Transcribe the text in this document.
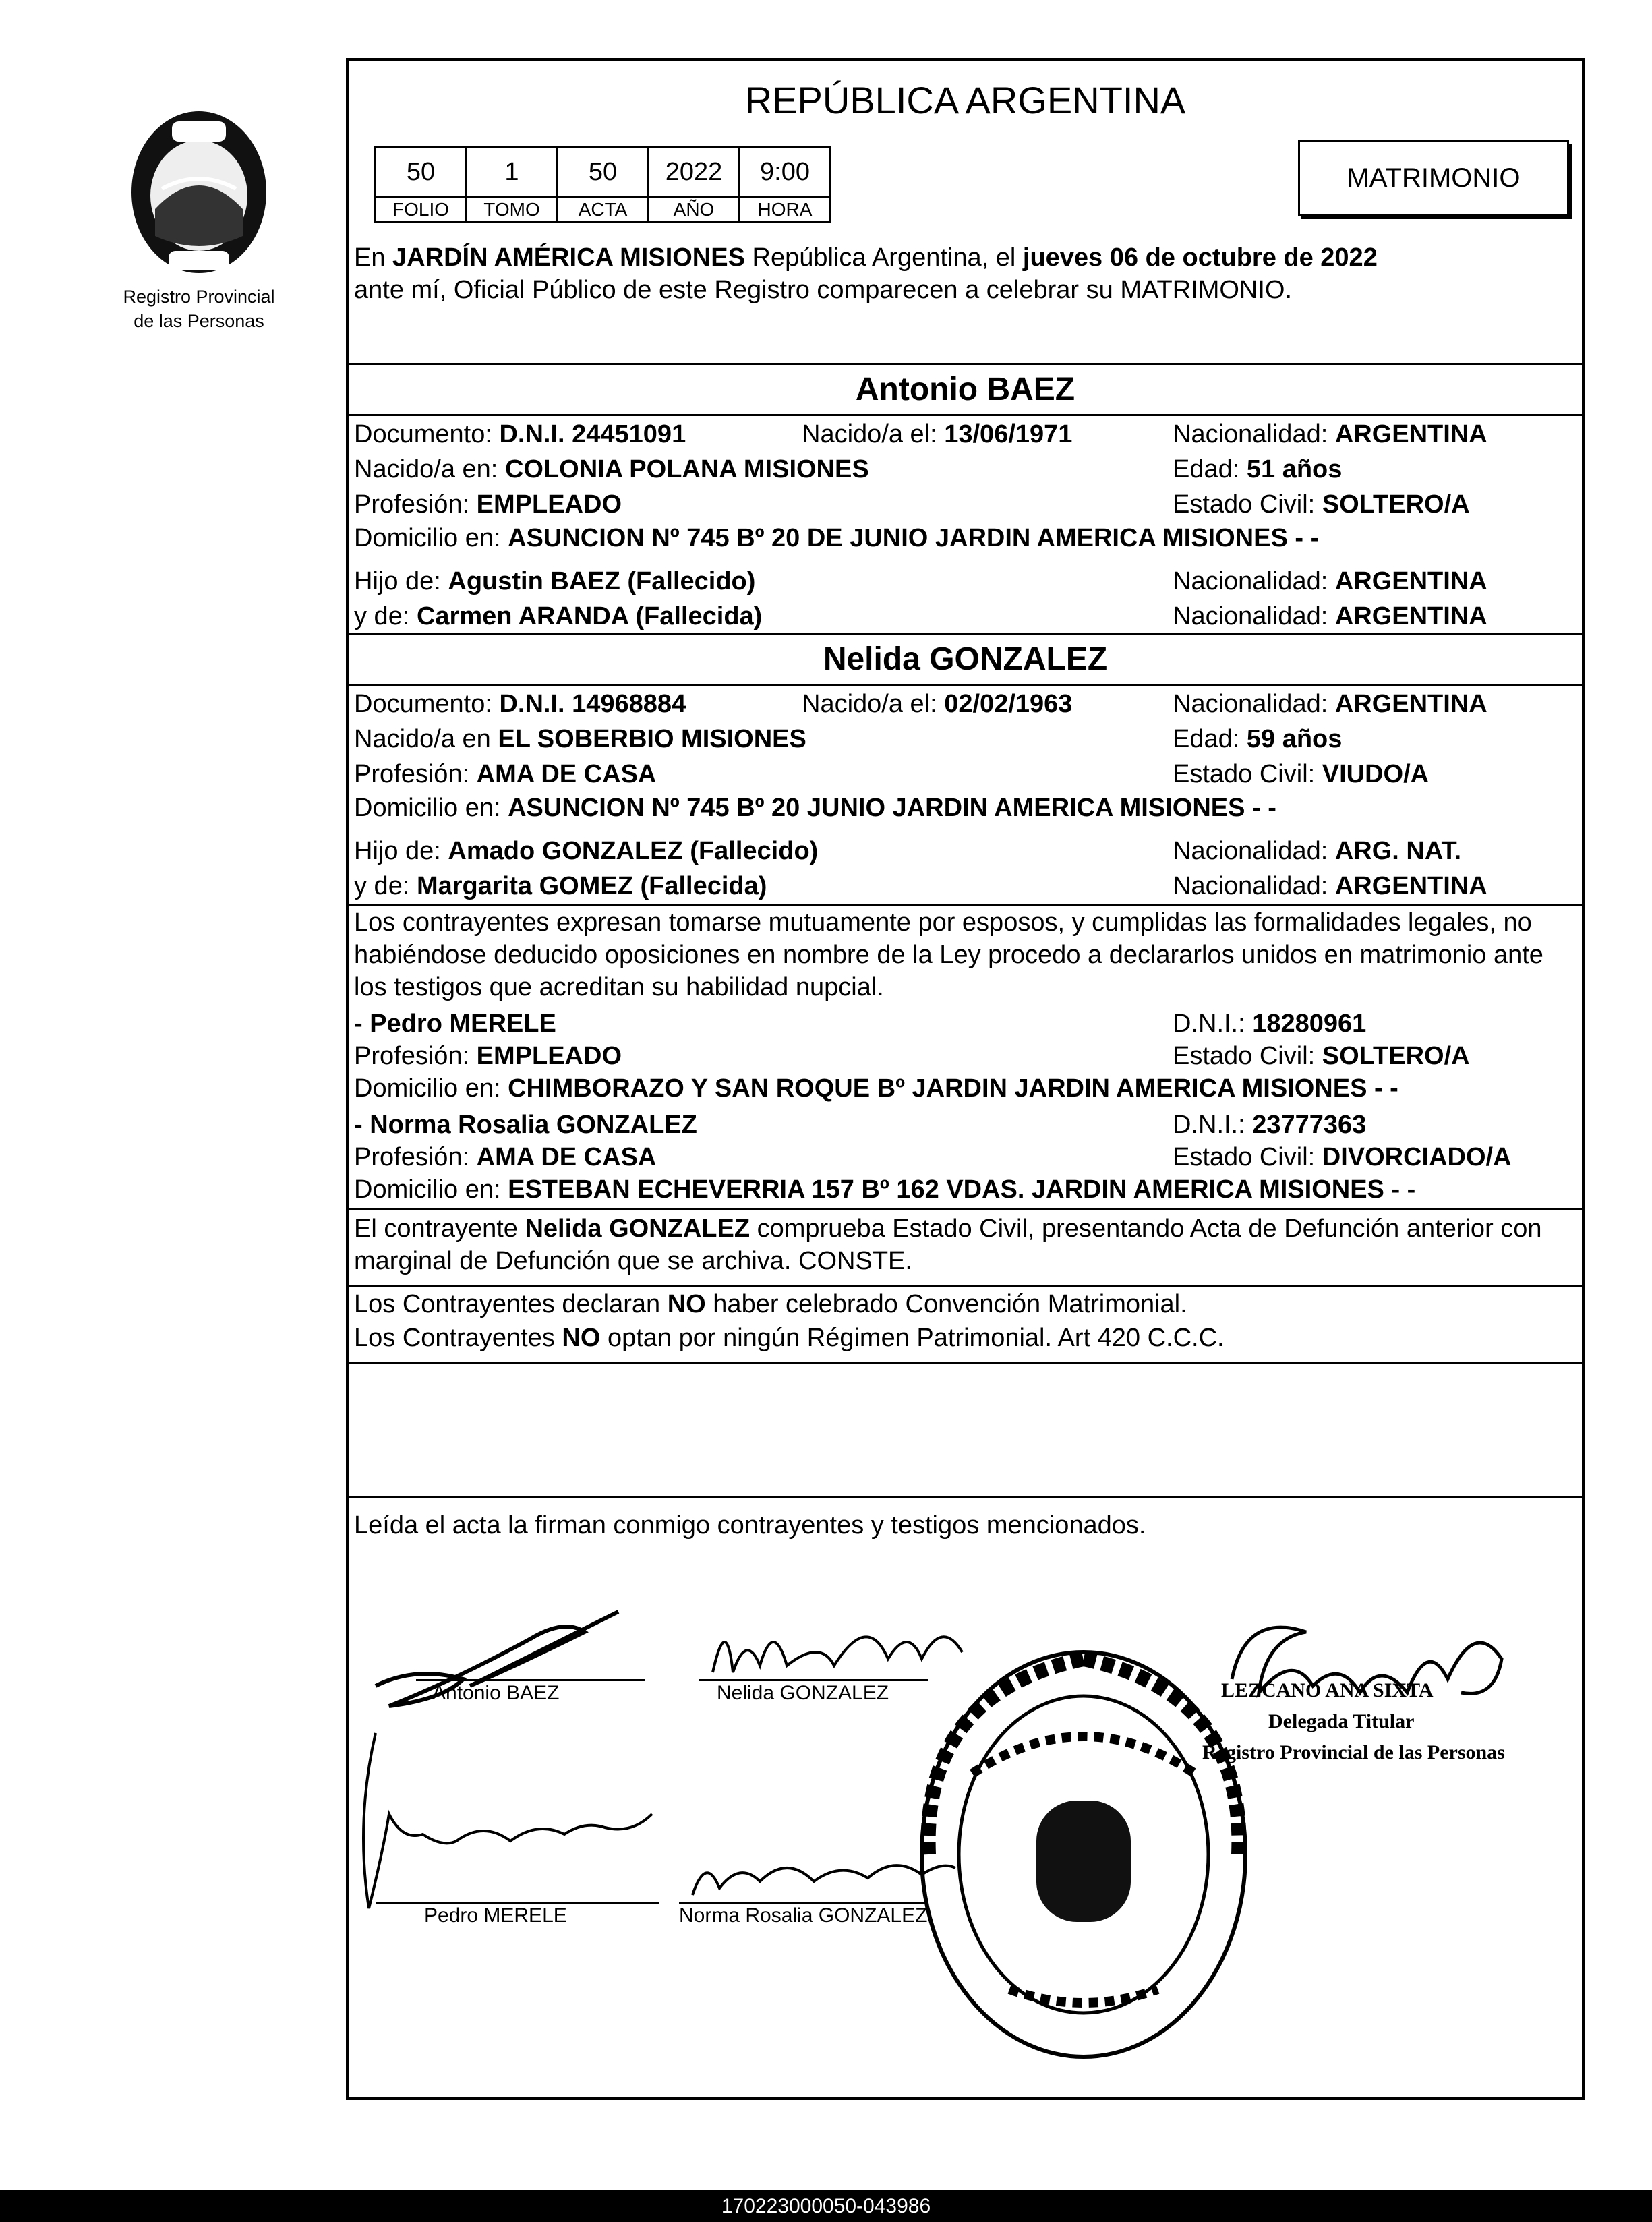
Registro Provincial
de las Personas
REPÚBLICA ARGENTINA
50	1	50	2022	9:00
FOLIO	TOMO	ACTA	AÑO	HORA
MATRIMONIO
En JARDÍN AMÉRICA MISIONES República Argentina, el jueves 06 de octubre de 2022
ante mí, Oficial Público de este Registro comparecen a celebrar su MATRIMONIO.
Antonio BAEZ
Documento: D.N.I. 24451091	Nacido/a el: 13/06/1971	Nacionalidad: ARGENTINA
Nacido/a en: COLONIA POLANA MISIONES	Edad: 51 años
Profesión: EMPLEADO	Estado Civil: SOLTERO/A
Domicilio en: ASUNCION Nº 745 Bº 20 DE JUNIO JARDIN AMERICA MISIONES - -
Hijo de: Agustin BAEZ (Fallecido)	Nacionalidad: ARGENTINA
y de: Carmen ARANDA (Fallecida)	Nacionalidad: ARGENTINA
Nelida GONZALEZ
Documento: D.N.I. 14968884	Nacido/a el: 02/02/1963	Nacionalidad: ARGENTINA
Nacido/a en EL SOBERBIO MISIONES	Edad: 59 años
Profesión: AMA DE CASA	Estado Civil: VIUDO/A
Domicilio en: ASUNCION Nº 745 Bº 20 JUNIO JARDIN AMERICA MISIONES - -
Hijo de: Amado GONZALEZ (Fallecido)	Nacionalidad: ARG. NAT.
y de: Margarita GOMEZ (Fallecida)	Nacionalidad: ARGENTINA
Los contrayentes expresan tomarse mutuamente por esposos, y cumplidas las formalidades legales, no
habiéndose deducido oposiciones en nombre de la Ley procedo a declararlos unidos en matrimonio ante
los testigos que acreditan su habilidad nupcial.
- Pedro MERELE	D.N.I.: 18280961
Profesión: EMPLEADO	Estado Civil: SOLTERO/A
Domicilio en: CHIMBORAZO Y SAN ROQUE Bº JARDIN JARDIN AMERICA MISIONES - -
- Norma Rosalia GONZALEZ	D.N.I.: 23777363
Profesión: AMA DE CASA	Estado Civil: DIVORCIADO/A
Domicilio en: ESTEBAN ECHEVERRIA 157 Bº 162 VDAS. JARDIN AMERICA MISIONES - -
El contrayente Nelida GONZALEZ comprueba Estado Civil, presentando Acta de Defunción anterior con
marginal de Defunción que se archiva. CONSTE.
Los Contrayentes declaran NO haber celebrado Convención Matrimonial.
Los Contrayentes NO optan por ningún Régimen Patrimonial. Art 420 C.C.C.
Leída el acta la firman conmigo contrayentes y testigos mencionados.
Antonio BAEZ	Nelida GONZALEZ
Pedro MERELE	Norma Rosalia GONZALEZ
LEZCANO ANA SIXTA
Delegada Titular
Registro Provincial de las Personas
170223000050-043986
